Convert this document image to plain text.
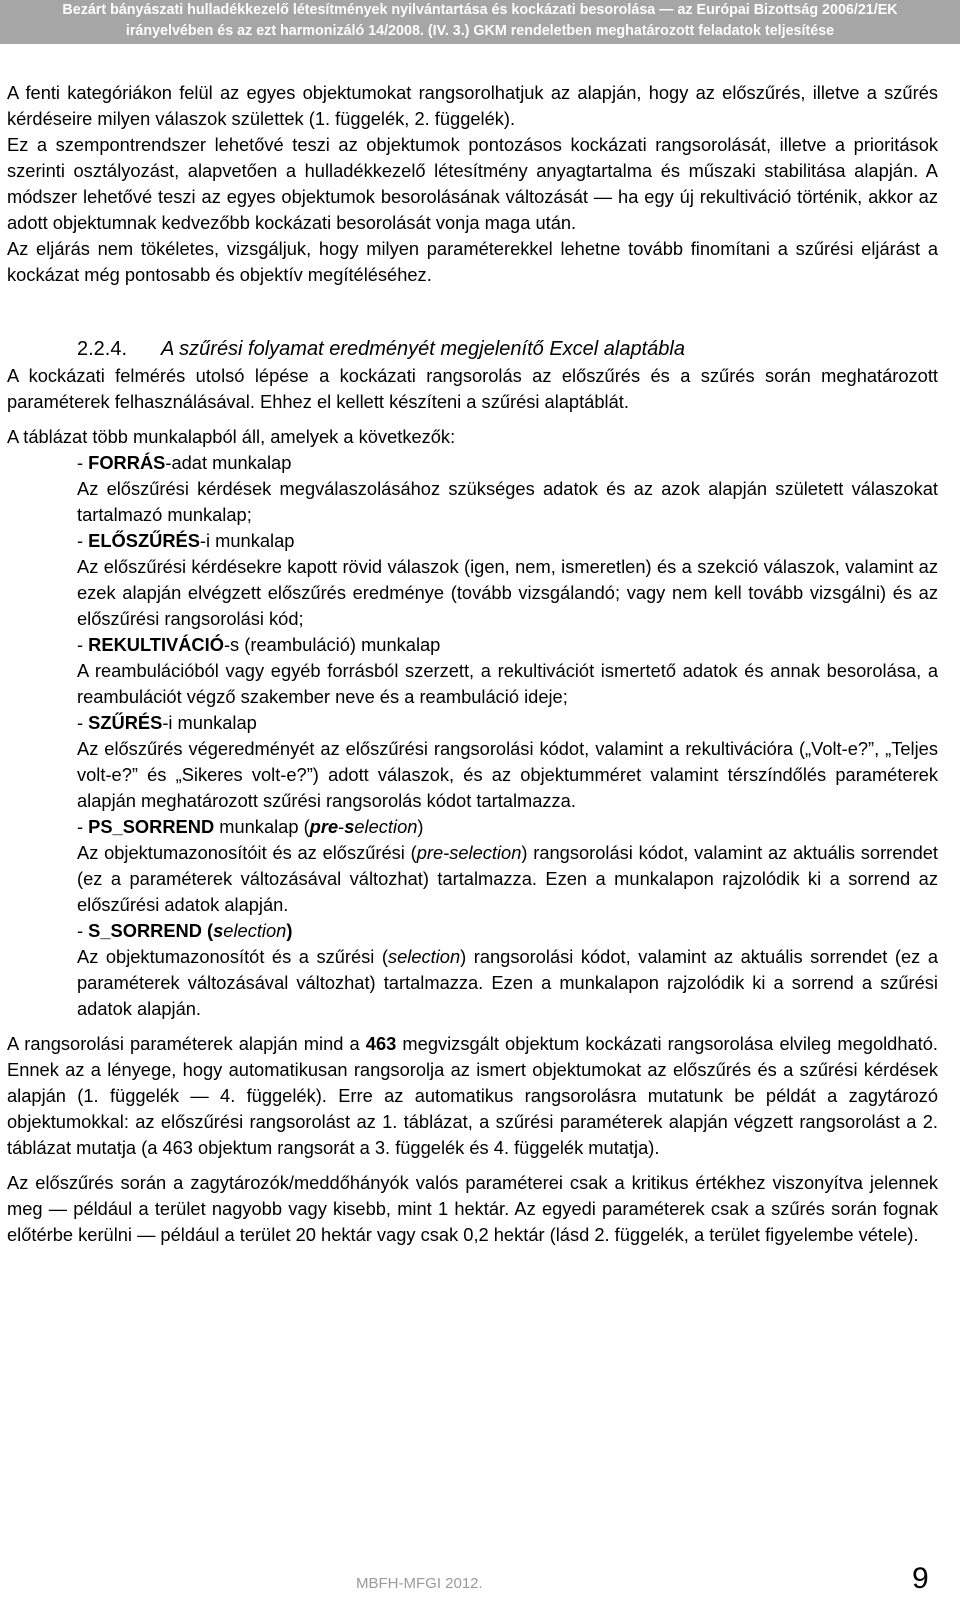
Bezárt bányászati hulladékkezelő létesítmények nyilvántartása és kockázati besorolása — az Európai Bizottság 2006/21/EK
irányelvében és az ezt harmonizáló 14/2008. (IV. 3.) GKM rendeletben meghatározott feladatok teljesítése

A fenti kategóriákon felül az egyes objektumokat rangsorolhatjuk az alapján, hogy az előszűrés, illetve a szűrés kérdéseire milyen válaszok születtek (1. függelék, 2. függelék).

Ez a szempontrendszer lehetővé teszi az objektumok pontozásos kockázati rangsorolását, illetve a prioritások szerinti osztályozást, alapvetően a hulladékkezelő létesítmény anyagtartalma és műszaki stabilitása alapján. A módszer lehetővé teszi az egyes objektumok besorolásának változását — ha egy új rekultiváció történik, akkor az adott objektumnak kedvezőbb kockázati besorolását vonja maga után.

Az eljárás nem tökéletes, vizsgáljuk, hogy milyen paraméterekkel lehetne tovább finomítani a szűrési eljárást a kockázat még pontosabb és objektív megítéléséhez.

2.2.4. A szűrési folyamat eredményét megjelenítő Excel alaptábla

A kockázati felmérés utolsó lépése a kockázati rangsorolás az előszűrés és a szűrés során meghatározott paraméterek felhasználásával. Ehhez el kellett készíteni a szűrési alaptáblát.

A táblázat több munkalapból áll, amelyek a következők:

- FORRÁS-adat munkalap

Az előszűrési kérdések megválaszolásához szükséges adatok és az azok alapján született válaszokat tartalmazó munkalap;

- ELŐSZŰRÉS-i munkalap

Az előszűrési kérdésekre kapott rövid válaszok (igen, nem, ismeretlen) és a szekció válaszok, valamint az ezek alapján elvégzett előszűrés eredménye (tovább vizsgálandó; vagy nem kell tovább vizsgálni) és az előszűrési rangsorolási kód;

- REKULTIVÁCIÓ-s (reambuláció) munkalap

A reambulációból vagy egyéb forrásból szerzett, a rekultivációt ismertető adatok és annak besorolása, a reambulációt végző szakember neve és a reambuláció ideje;

- SZŰRÉS-i munkalap

Az előszűrés végeredményét az előszűrési rangsorolási kódot, valamint a rekultivációra („Volt-e?”, „Teljes volt-e?” és „Sikeres volt-e?”) adott válaszok, és az objektumméret valamint térszíndőlés paraméterek alapján meghatározott szűrési rangsorolás kódot tartalmazza.

- PS_SORREND munkalap (pre-selection)

Az objektumazonosítóit és az előszűrési (pre-selection) rangsorolási kódot, valamint az aktuális sorrendet (ez a paraméterek változásával változhat) tartalmazza. Ezen a munkalapon rajzolódik ki a sorrend az előszűrési adatok alapján.

- S_SORREND (selection)

Az objektumazonosítót és a szűrési (selection) rangsorolási kódot, valamint az aktuális sorrendet (ez a paraméterek változásával változhat) tartalmazza. Ezen a munkalapon rajzolódik ki a sorrend a szűrési adatok alapján.

A rangsorolási paraméterek alapján mind a 463 megvizsgált objektum kockázati rangsorolása elvileg megoldható. Ennek az a lényege, hogy automatikusan rangsorolja az ismert objektumokat az előszűrés és a szűrési kérdések alapján (1. függelék — 4. függelék). Erre az automatikus rangsorolásra mutatunk be példát a zagytározó objektumokkal: az előszűrési rangsorolást az 1. táblázat, a szűrési paraméterek alapján végzett rangsorolást a 2. táblázat mutatja (a 463 objektum rangsorát a 3. függelék és 4. függelék mutatja).

Az előszűrés során a zagytározók/meddőhányók valós paraméterei csak a kritikus értékhez viszonyítva jelennek meg — például a terület nagyobb vagy kisebb, mint 1 hektár. Az egyedi paraméterek csak a szűrés során fognak előtérbe kerülni — például a terület 20 hektár vagy csak 0,2 hektár (lásd 2. függelék, a terület figyelembe vétele).

MBFH-MFGI 2012.	9
